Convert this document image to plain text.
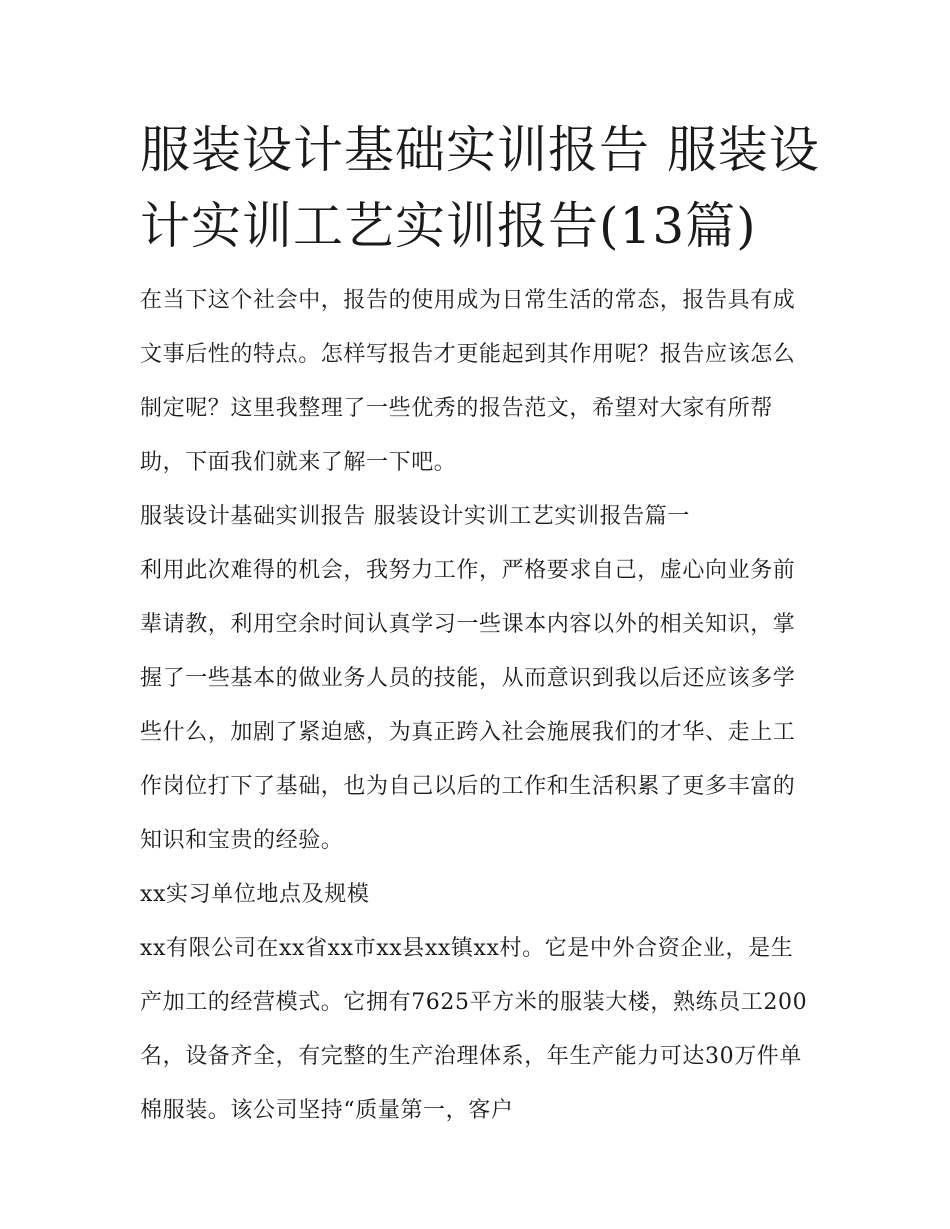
服装设计基础实训报告 服装设计实训工艺实训报告(13篇)

在当下这个社会中，报告的使用成为日常生活的常态，报告具有成文事后性的特点。怎样写报告才更能起到其作用呢？报告应该怎么制定呢？这里我整理了一些优秀的报告范文，希望对大家有所帮助，下面我们就来了解一下吧。

服装设计基础实训报告 服装设计实训工艺实训报告篇一

利用此次难得的机会，我努力工作，严格要求自己，虚心向业务前辈请教，利用空余时间认真学习一些课本内容以外的相关知识，掌握了一些基本的做业务人员的技能，从而意识到我以后还应该多学些什么，加剧了紧迫感，为真正跨入社会施展我们的才华、走上工作岗位打下了基础，也为自己以后的工作和生活积累了更多丰富的知识和宝贵的经验。

xx实习单位地点及规模

xx有限公司在xx省xx市xx县xx镇xx村。它是中外合资企业，是生产加工的经营模式。它拥有7625平方米的服装大楼，熟练员工200名，设备齐全，有完整的生产治理体系，年生产能力可达30万件单棉服装。该公司坚持“质量第一，客户
